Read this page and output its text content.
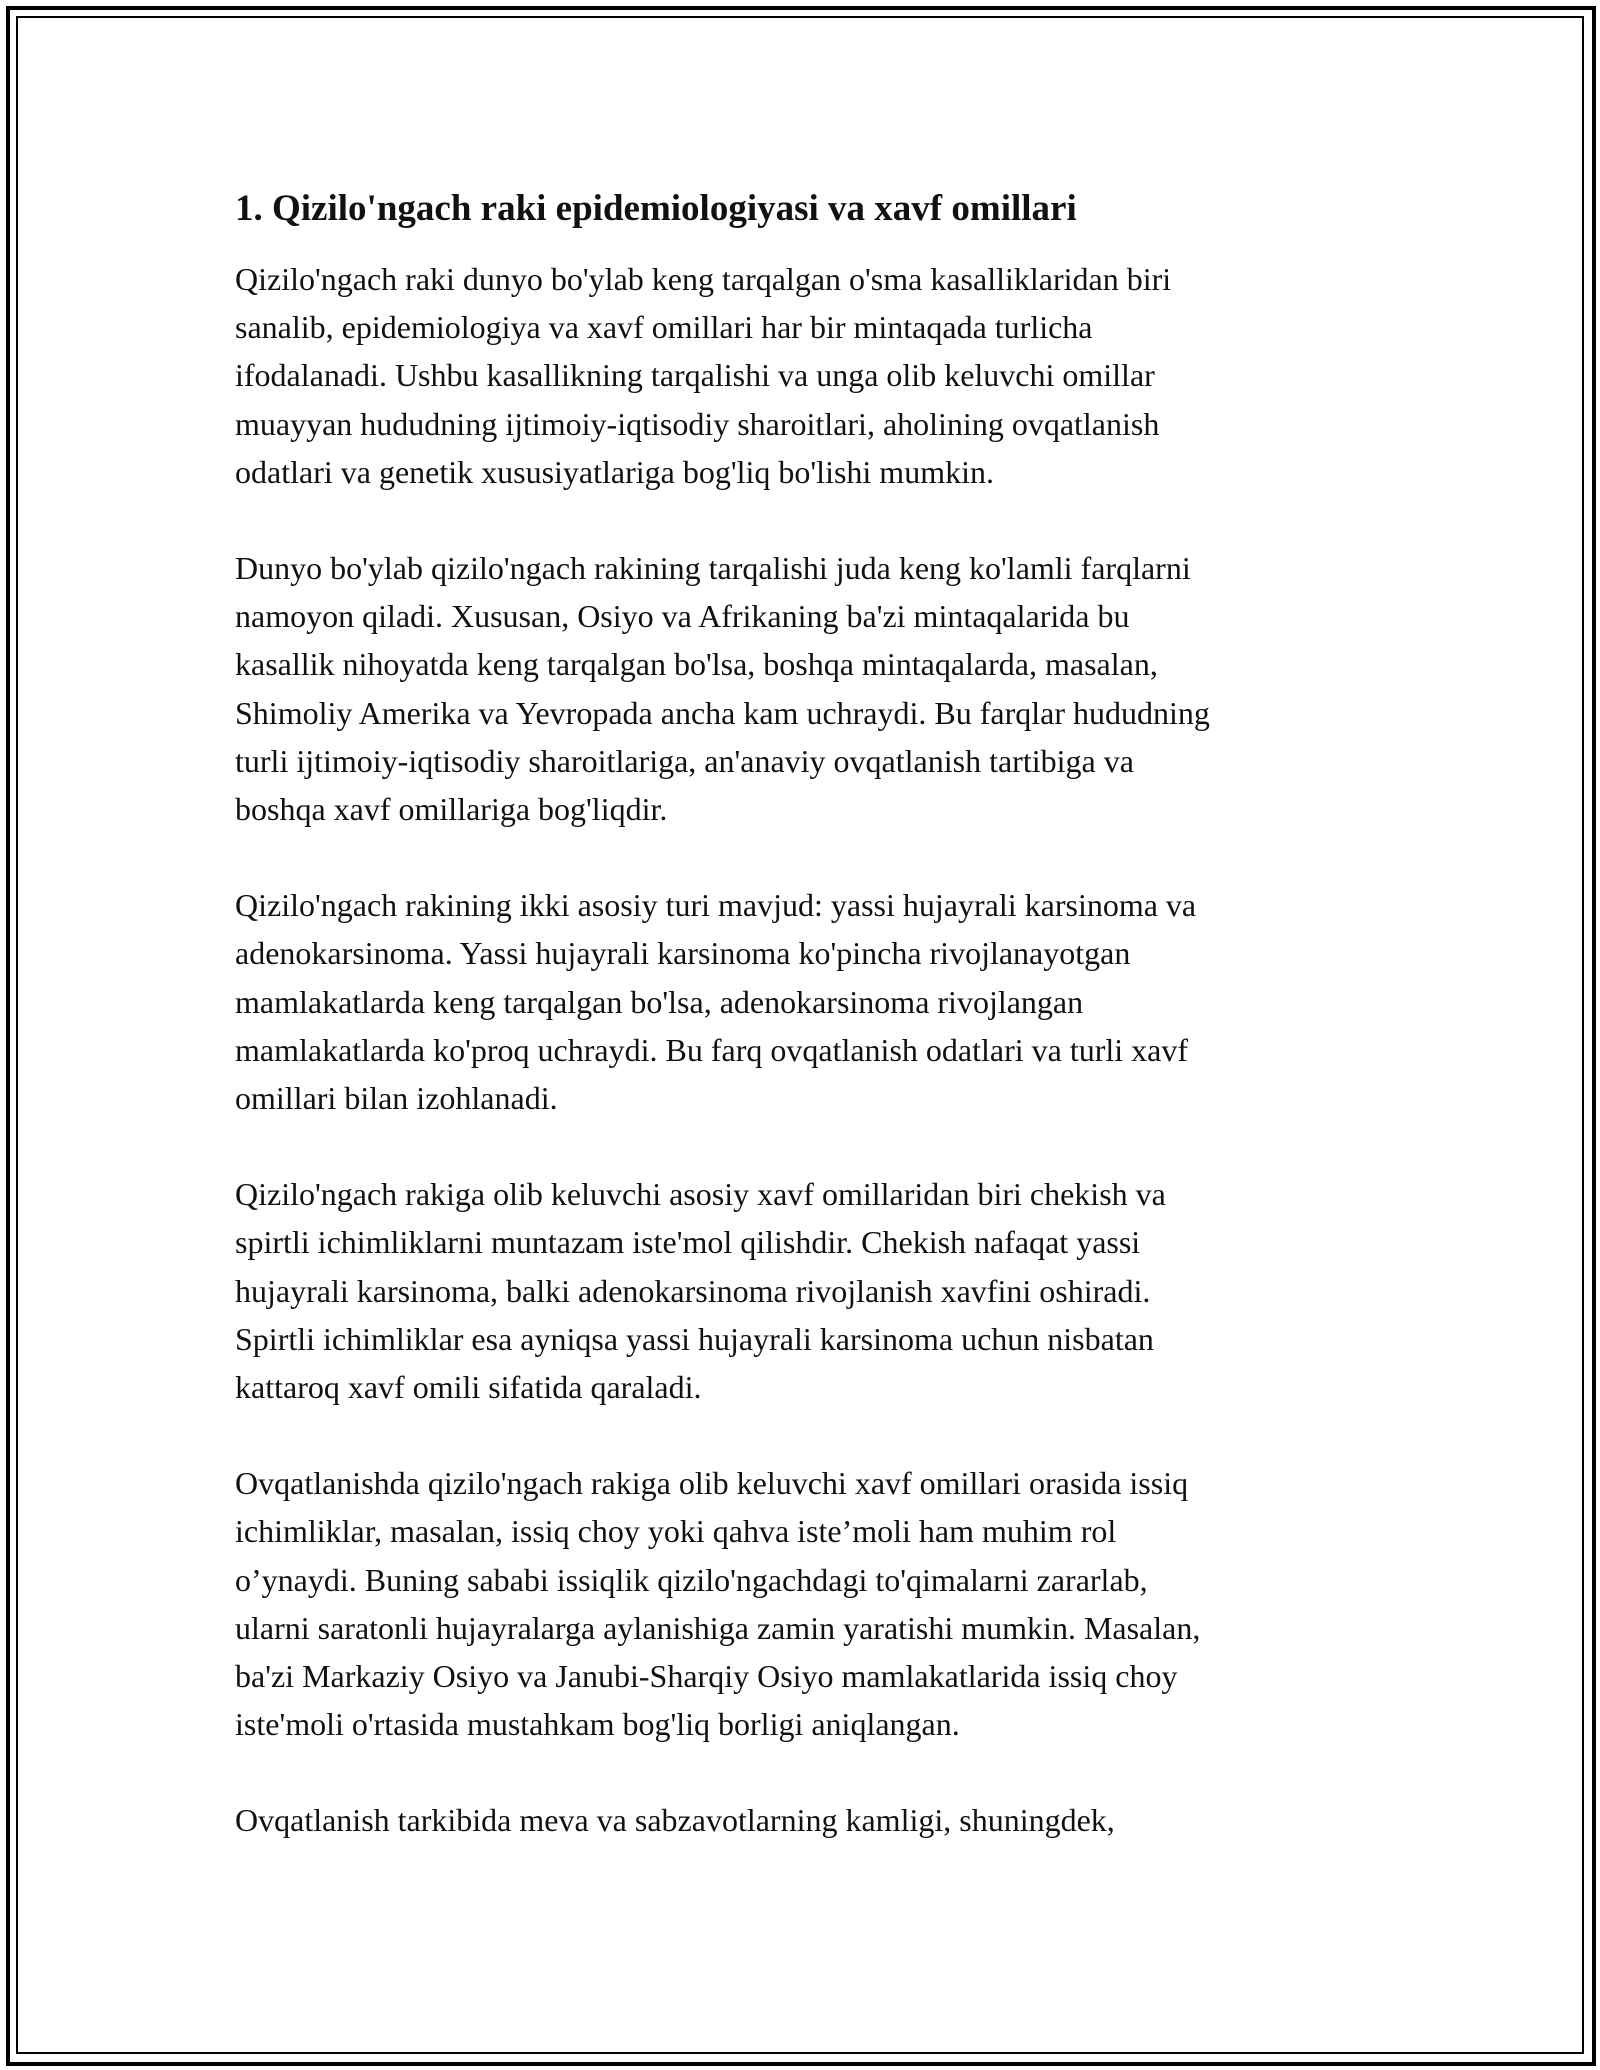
1. Qizilo'ngach raki epidemiologiyasi va xavf omillari

Qizilo'ngach raki dunyo bo'ylab keng tarqalgan o'sma kasalliklaridan biri
sanalib, epidemiologiya va xavf omillari har bir mintaqada turlicha
ifodalanadi. Ushbu kasallikning tarqalishi va unga olib keluvchi omillar
muayyan hududning ijtimoiy-iqtisodiy sharoitlari, aholining ovqatlanish
odatlari va genetik xususiyatlariga bog'liq bo'lishi mumkin.

Dunyo bo'ylab qizilo'ngach rakining tarqalishi juda keng ko'lamli farqlarni
namoyon qiladi. Xususan, Osiyo va Afrikaning ba'zi mintaqalarida bu
kasallik nihoyatda keng tarqalgan bo'lsa, boshqa mintaqalarda, masalan,
Shimoliy Amerika va Yevropada ancha kam uchraydi. Bu farqlar hududning
turli ijtimoiy-iqtisodiy sharoitlariga, an'anaviy ovqatlanish tartibiga va
boshqa xavf omillariga bog'liqdir.

Qizilo'ngach rakining ikki asosiy turi mavjud: yassi hujayrali karsinoma va
adenokarsinoma. Yassi hujayrali karsinoma ko'pincha rivojlanayotgan
mamlakatlarda keng tarqalgan bo'lsa, adenokarsinoma rivojlangan
mamlakatlarda ko'proq uchraydi. Bu farq ovqatlanish odatlari va turli xavf
omillari bilan izohlanadi.

Qizilo'ngach rakiga olib keluvchi asosiy xavf omillaridan biri chekish va
spirtli ichimliklarni muntazam iste'mol qilishdir. Chekish nafaqat yassi
hujayrali karsinoma, balki adenokarsinoma rivojlanish xavfini oshiradi.
Spirtli ichimliklar esa ayniqsa yassi hujayrali karsinoma uchun nisbatan
kattaroq xavf omili sifatida qaraladi.

Ovqatlanishda qizilo'ngach rakiga olib keluvchi xavf omillari orasida issiq
ichimliklar, masalan, issiq choy yoki qahva iste’moli ham muhim rol
o’ynaydi. Buning sababi issiqlik qizilo'ngachdagi to'qimalarni zararlab,
ularni saratonli hujayralarga aylanishiga zamin yaratishi mumkin. Masalan,
ba'zi Markaziy Osiyo va Janubi-Sharqiy Osiyo mamlakatlarida issiq choy
iste'moli o'rtasida mustahkam bog'liq borligi aniqlangan.

Ovqatlanish tarkibida meva va sabzavotlarning kamligi, shuningdek,
